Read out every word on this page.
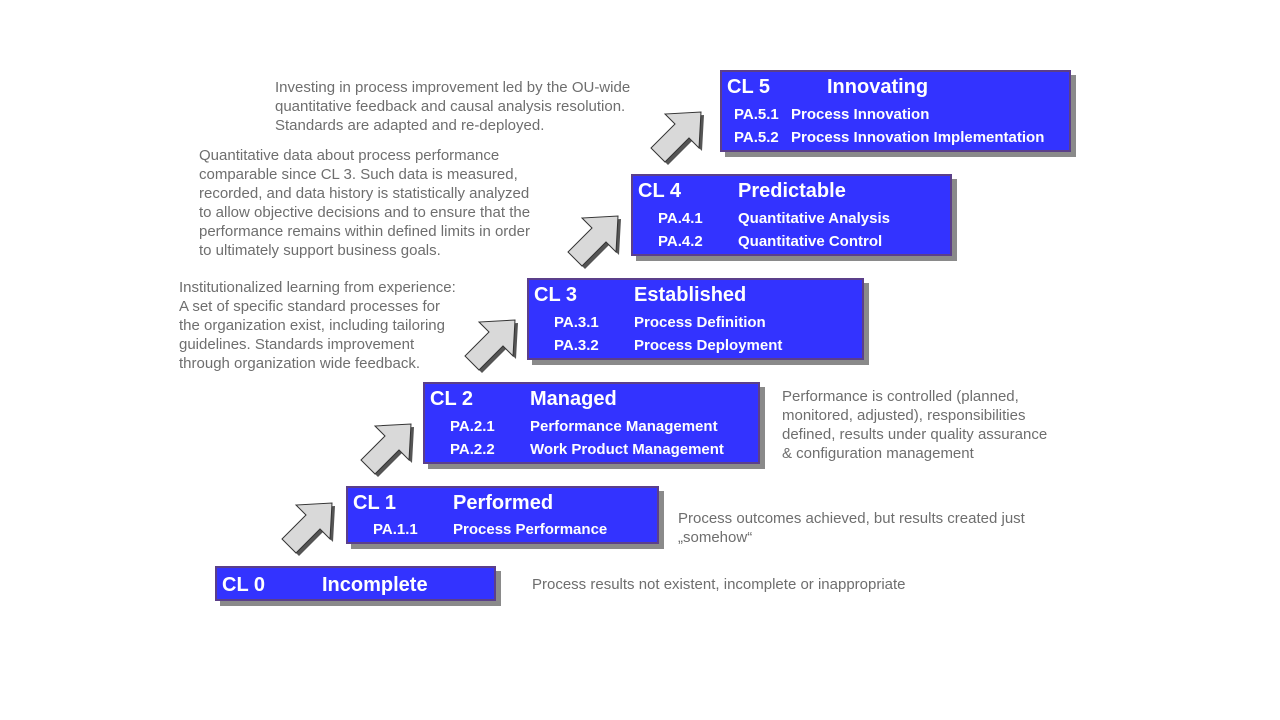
CL 0	Incomplete
CL 1	Performed
PA.1.1 Process Performance
CL 2	Managed
PA.2.1 Performance Management
PA.2.2 Work Product Management
CL 3	Established
PA.3.1 Process Definition
PA.3.2 Process Deployment
CL 4	Predictable
PA.4.1 Quantitative Analysis
PA.4.2 Quantitative Control
CL 5	Innovating
PA.5.1 Process Innovation
PA.5.2 Process Innovation Implementation
Process results not existent, incomplete or inappropriate
Process outcomes achieved, but results created just
„somehow“
Performance is controlled (planned,
monitored, adjusted), responsibilities
defined, results under quality assurance
& configuration management
Institutionalized learning from experience:
A set of specific standard processes for
the organization exist, including tailoring
guidelines. Standards improvement
through organization wide feedback.
Quantitative data about process performance
comparable since CL 3. Such data is measured,
recorded, and data history is statistically analyzed
to allow objective decisions and to ensure that the
performance remains within defined limits in order
to ultimately support business goals.
Investing in process improvement led by the OU-wide
quantitative feedback and causal analysis resolution.
Standards are adapted and re-deployed.
